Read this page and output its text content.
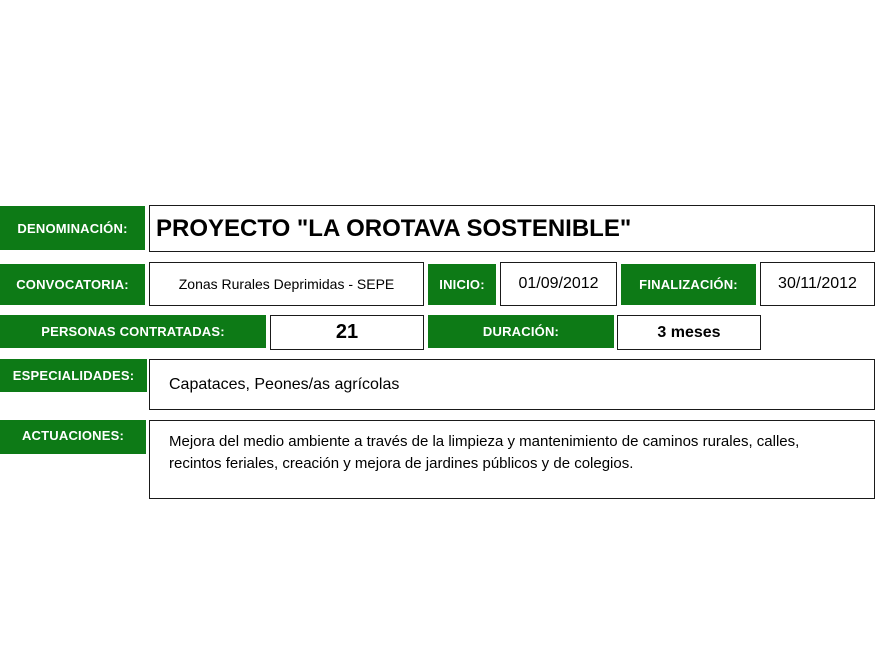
DENOMINACIÓN:	PROYECTO "LA OROTAVA SOSTENIBLE"
CONVOCATORIA:	Zonas Rurales Deprimidas - SEPE	INICIO:	01/09/2012	FINALIZACIÓN:	30/11/2012
PERSONAS CONTRATADAS:	21	DURACIÓN:	3 meses
ESPECIALIDADES:	Capataces, Peones/as agrícolas
ACTUACIONES:	Mejora del medio ambiente a través de la limpieza y mantenimiento de caminos rurales, calles, recintos feriales, creación y mejora de jardines públicos y de colegios.
